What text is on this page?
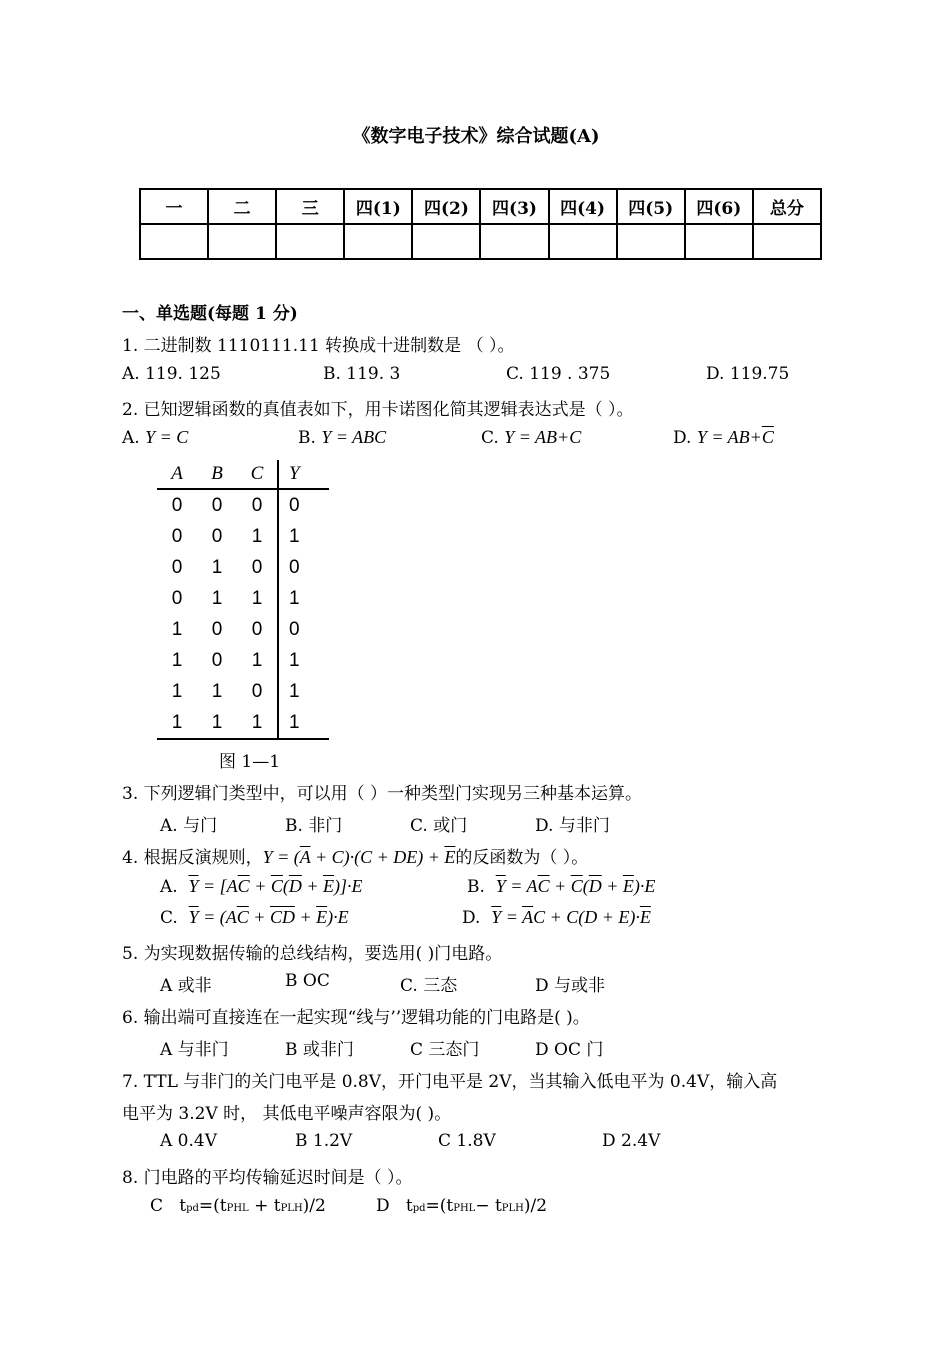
《数字电子技术》综合试题(A)
一	二	三	四(1)	四(2)	四(3)	四(4)	四(5)	四(6)	总分

一、单选题(每题 1 分)
1. 二进制数 1110111.11 转换成十进制数是 （ ）。
A. 119. 125	B. 119. 3	C. 119 . 375	D. 119.75
2. 已知逻辑函数的真值表如下，用卡诺图化简其逻辑表达式是（ ）。
A. Y = C	B. Y = ABC	C. Y = AB+C	D. $Y = AB+\overline{C}$
A	B	C	Y
0	0	0	0
0	0	1	1
0	1	0	0
0	1	1	1
1	0	0	0
1	0	1	1
1	1	0	1
1	1	1	1
图 1—1
3. 下列逻辑门类型中，可以用（ ）一种类型门实现另三种基本运算。
A. 与门	B. 非门	C. 或门	D. 与非门
4. 根据反演规则，$Y = (\overline{A} + C)\cdot(C + DE) + \overline{E}$的反函数为（ ）。
A.  $\overline{Y} = [A\overline{C} + \overline{C}(\overline{D} + \overline{E})]\cdot E$	B.  $\overline{Y} = A\overline{C} + \overline{C}(\overline{D} + \overline{E})\cdot E$
C.  $\overline{Y} = (A\overline{C} + \overline{C}\overline{D} + \overline{E})\cdot E$	D.  $\overline{Y} = \overline{A}C + C(D + E)\cdot\overline{E}$
5. 为实现数据传输的总线结构，要选用( )门电路。
A 或非	B OC	C. 三态	D 与或非
6. 输出端可直接连在一起实现“线与’’逻辑功能的门电路是( )。
A 与非门	B 或非门	C 三态门	D OC 门
7. TTL 与非门的关门电平是 0.8V，开门电平是 2V，当其输入低电平为 0.4V，输入高
电平为 3.2V 时， 其低电平噪声容限为( )。
A 0.4V	B 1.2V	C 1.8V	D 2.4V
8. 门电路的平均传输延迟时间是（ ）。
C   tpd=(tPHL + tPLH)/2	D   tpd=(tPHL− tPLH)/2
